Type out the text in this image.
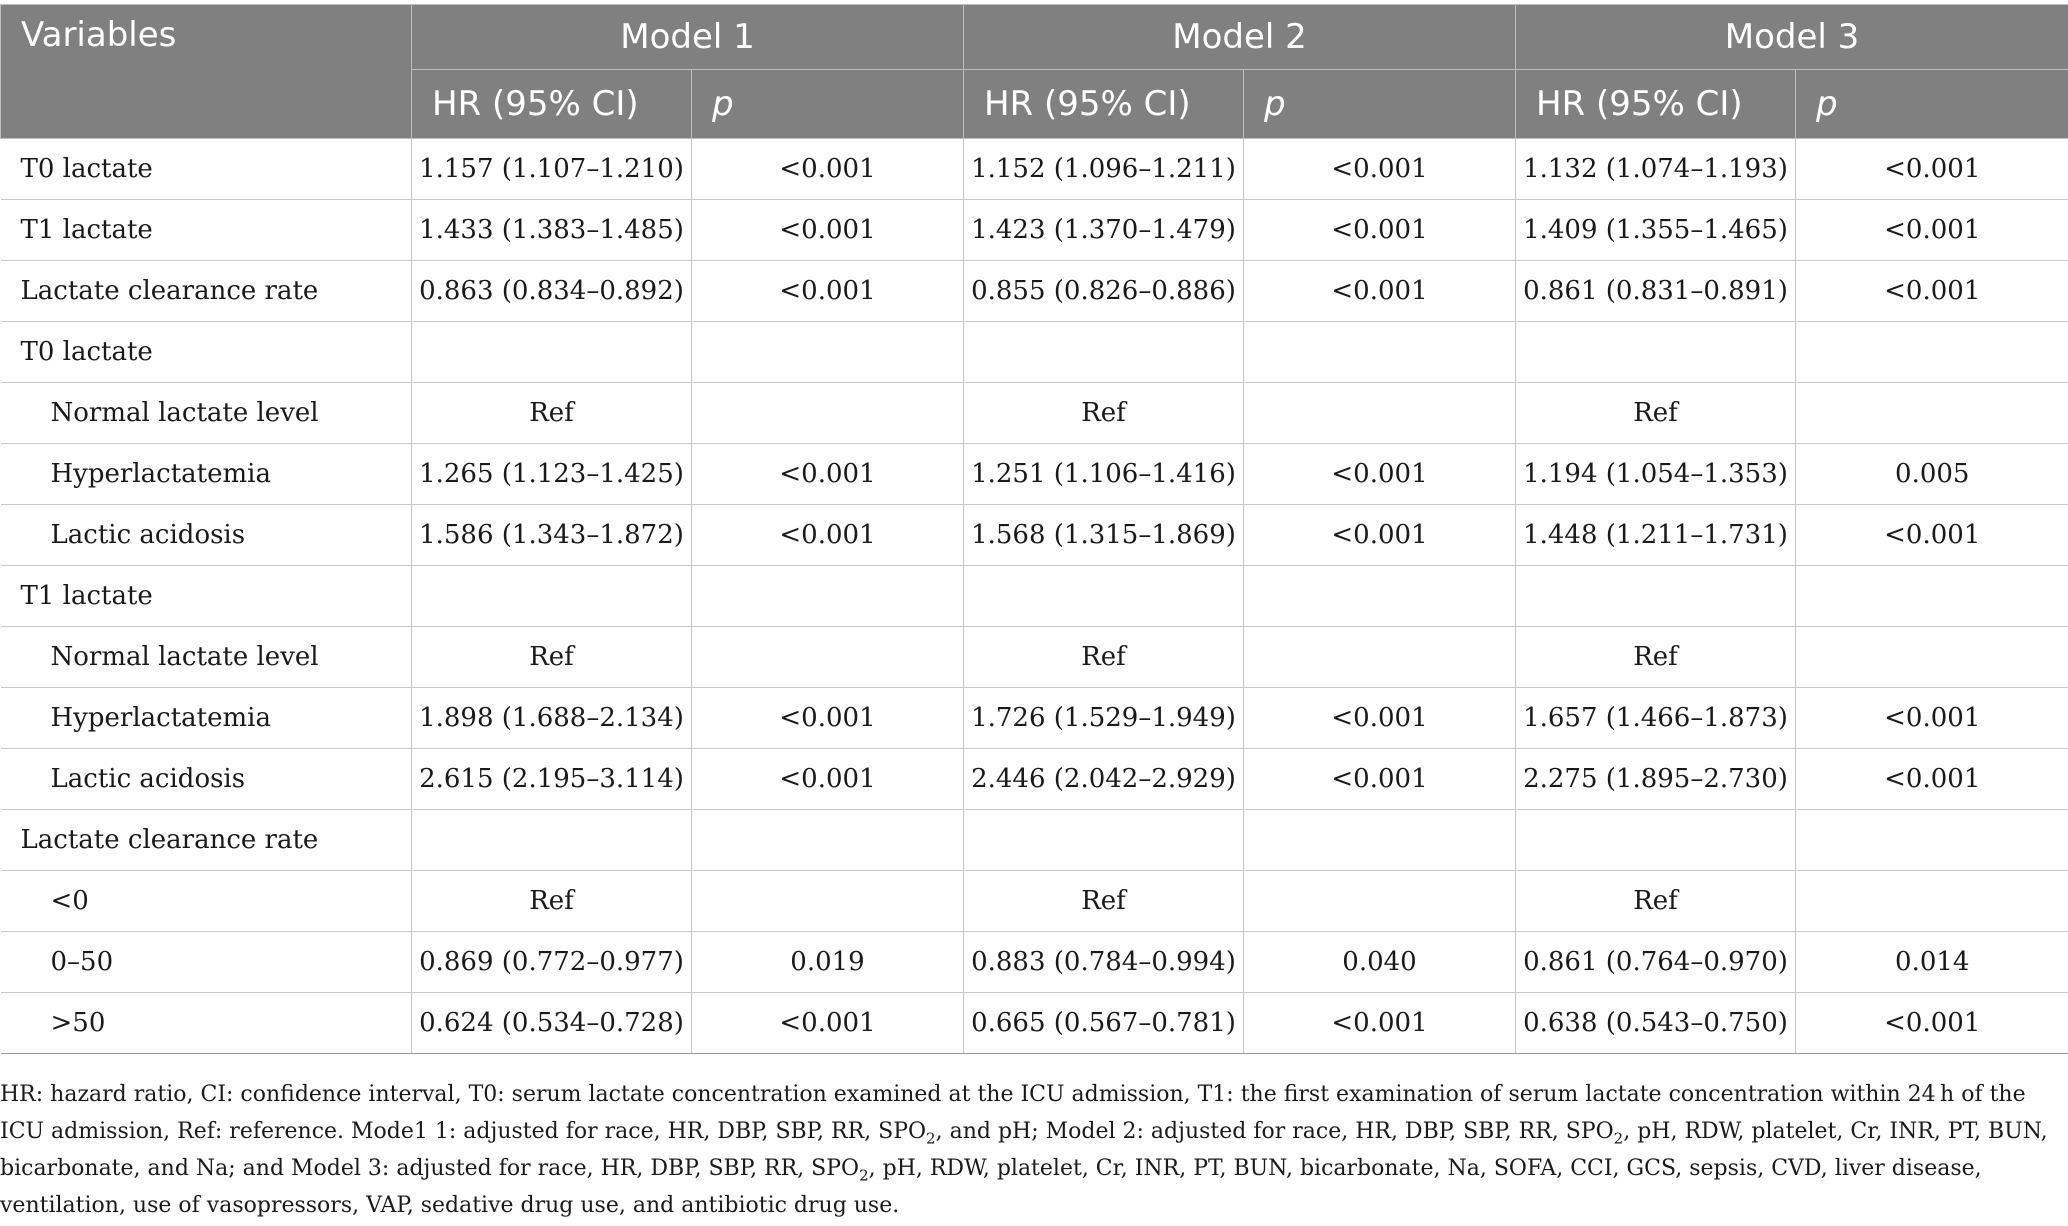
Variables	Model 1		Model 2		Model 3	
	HR (95% CI)	p	HR (95% CI)	p	HR (95% CI)	p
T0 lactate	1.157 (1.107–1.210)	<0.001	1.152 (1.096–1.211)	<0.001	1.132 (1.074–1.193)	<0.001
T1 lactate	1.433 (1.383–1.485)	<0.001	1.423 (1.370–1.479)	<0.001	1.409 (1.355–1.465)	<0.001
Lactate clearance rate	0.863 (0.834–0.892)	<0.001	0.855 (0.826–0.886)	<0.001	0.861 (0.831–0.891)	<0.001
T0 lactate						
Normal lactate level	Ref		Ref		Ref	
Hyperlactatemia	1.265 (1.123–1.425)	<0.001	1.251 (1.106–1.416)	<0.001	1.194 (1.054–1.353)	0.005
Lactic acidosis	1.586 (1.343–1.872)	<0.001	1.568 (1.315–1.869)	<0.001	1.448 (1.211–1.731)	<0.001
T1 lactate						
Normal lactate level	Ref		Ref		Ref	
Hyperlactatemia	1.898 (1.688–2.134)	<0.001	1.726 (1.529–1.949)	<0.001	1.657 (1.466–1.873)	<0.001
Lactic acidosis	2.615 (2.195–3.114)	<0.001	2.446 (2.042–2.929)	<0.001	2.275 (1.895–2.730)	<0.001
Lactate clearance rate						
<0	Ref		Ref		Ref	
0–50	0.869 (0.772–0.977)	0.019	0.883 (0.784–0.994)	0.040	0.861 (0.764–0.970)	0.014
>50	0.624 (0.534–0.728)	<0.001	0.665 (0.567–0.781)	<0.001	0.638 (0.543–0.750)	<0.001
HR: hazard ratio, CI: confidence interval, T0: serum lactate concentration examined at the ICU admission, T1: the first examination of serum lactate concentration within 24 h of the ICU admission, Ref: reference. Mode1 1: adjusted for race, HR, DBP, SBP, RR, $SPO_2$, and pH; Model 2: adjusted for race, HR, DBP, SBP, RR, $SPO_2$, pH, RDW, platelet, Cr, INR, PT, BUN, bicarbonate, and Na; and Model 3: adjusted for race, HR, DBP, SBP, RR, $SPO_2$, pH, RDW, platelet, Cr, INR, PT, BUN, bicarbonate, Na, SOFA, CCI, GCS, sepsis, CVD, liver disease, ventilation, use of vasopressors, VAP, sedative drug use, and antibiotic drug use.
